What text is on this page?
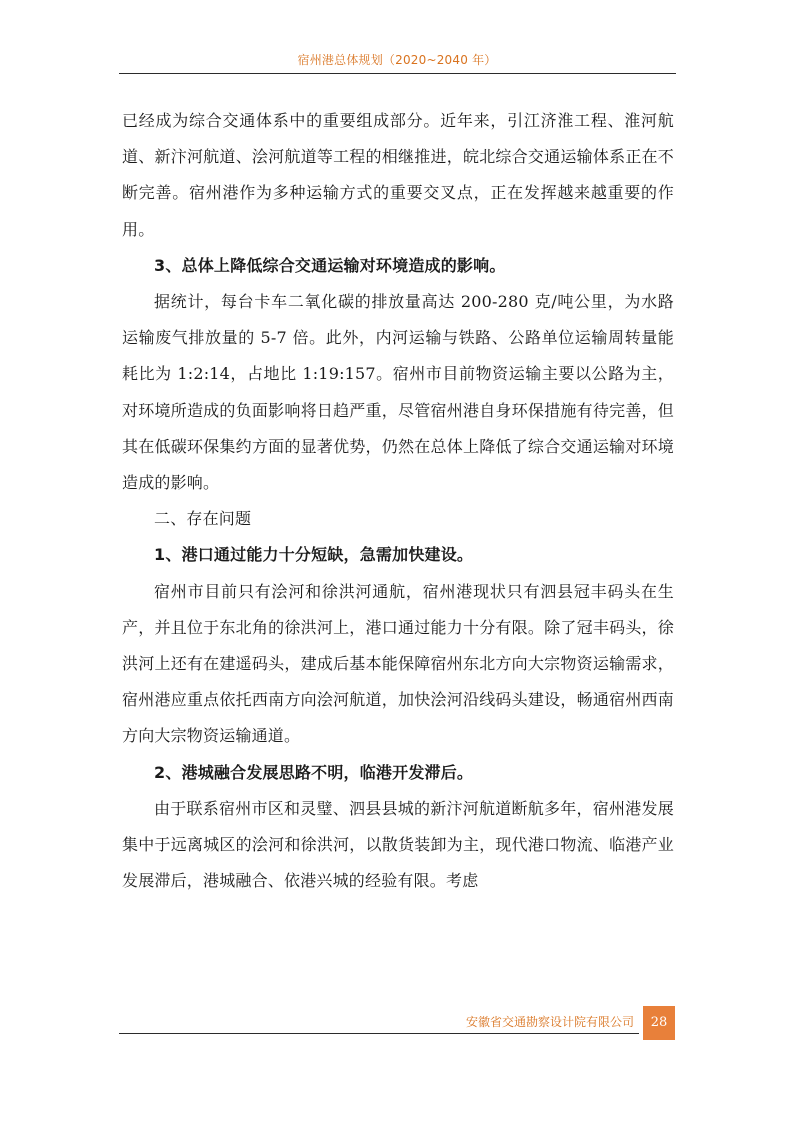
宿州港总体规划（2020~2040 年）

已经成为综合交通体系中的重要组成部分。近年来，引江济淮工程、淮河航道、新汴河航道、浍河航道等工程的相继推进，皖北综合交通运输体系正在不断完善。宿州港作为多种运输方式的重要交叉点，正在发挥越来越重要的作用。

3、总体上降低综合交通运输对环境造成的影响。

据统计，每台卡车二氧化碳的排放量高达 200-280 克/吨公里，为水路运输废气排放量的 5-7 倍。此外，内河运输与铁路、公路单位运输周转量能耗比为 1:2:14，占地比 1:19:157。宿州市目前物资运输主要以公路为主，对环境所造成的负面影响将日趋严重，尽管宿州港自身环保措施有待完善，但其在低碳环保集约方面的显著优势，仍然在总体上降低了综合交通运输对环境造成的影响。

二、存在问题

1、港口通过能力十分短缺，急需加快建设。

宿州市目前只有浍河和徐洪河通航，宿州港现状只有泗县冠丰码头在生产，并且位于东北角的徐洪河上，港口通过能力十分有限。除了冠丰码头，徐洪河上还有在建遥码头，建成后基本能保障宿州东北方向大宗物资运输需求，宿州港应重点依托西南方向浍河航道，加快浍河沿线码头建设，畅通宿州西南方向大宗物资运输通道。

2、港城融合发展思路不明，临港开发滞后。

由于联系宿州市区和灵璧、泗县县城的新汴河航道断航多年，宿州港发展集中于远离城区的浍河和徐洪河，以散货装卸为主，现代港口物流、临港产业发展滞后，港城融合、依港兴城的经验有限。考虑

安徽省交通勘察设计院有限公司	28
